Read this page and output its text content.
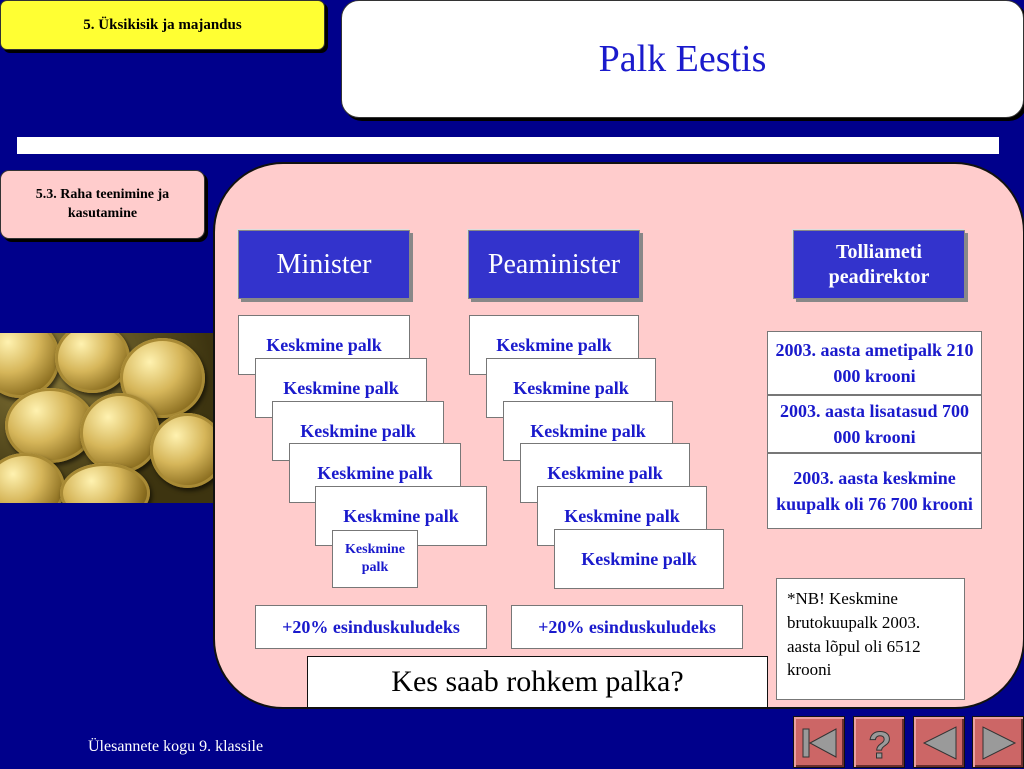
5. Üksikisik ja majandus
Palk Eestis
5.3. Raha teenimine ja kasutamine
Minister	Peaminister	Tolliameti peadirektor
Keskmine palk
Keskmine palk
Keskmine palk
Keskmine palk
Keskmine palk
Keskmine palk
Keskmine palk
Keskmine palk
Keskmine palk
Keskmine palk
Keskmine palk
Keskmine palk
+20% esinduskuludeks	+20% esinduskuludeks
2003. aasta ametipalk 210 000 krooni
2003. aasta lisatasud 700 000 krooni
2003. aasta keskmine kuupalk oli 76 700 krooni
*NB! Keskmine brutokuupalk 2003. aasta lõpul oli 6512 krooni
Kes saab rohkem palka?
Ülesannete kogu 9. klassile	?
